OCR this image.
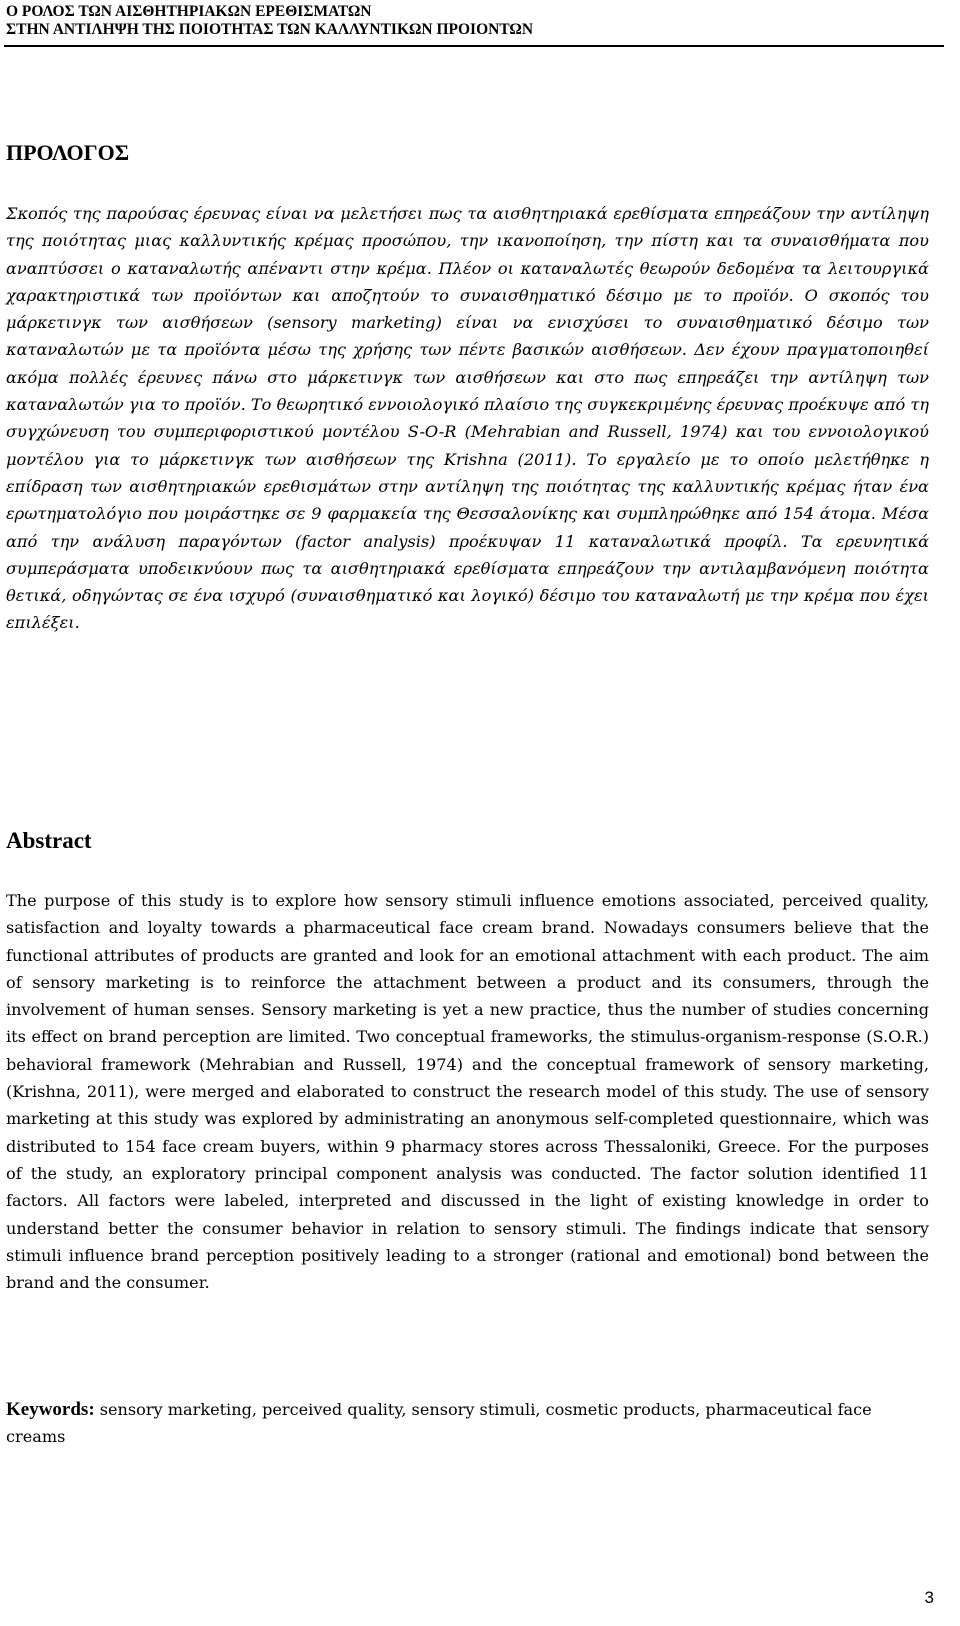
Ο ΡΟΛΟΣ ΤΩΝ ΑΙΣΘΗΤΗΡΙΑΚΩΝ ΕΡΕΘΙΣΜΑΤΩΝ
ΣΤΗΝ ΑΝΤΙΛΗΨΗ ΤΗΣ ΠΟΙΟΤΗΤΑΣ ΤΩΝ ΚΑΛΛΥΝΤΙΚΩΝ ΠΡΟΙΟΝΤΩΝ
ΠΡΟΛΟΓΟΣ

Σκοπός της παρούσας έρευνας είναι να μελετήσει πως τα αισθητηριακά ερεθίσματα επηρεάζουν την αντίληψη της ποιότητας μιας καλλυντικής κρέμας προσώπου, την ικανοποίηση, την πίστη και τα συναισθήματα που αναπτύσσει ο καταναλωτής απέναντι στην κρέμα. Πλέον οι καταναλωτές θεωρούν δεδομένα τα λειτουργικά χαρακτηριστικά των προϊόντων και αποζητούν το συναισθηματικό δέσιμο με το προϊόν. Ο σκοπός του μάρκετινγκ των αισθήσεων (sensory marketing) είναι να ενισχύσει το συναισθηματικό δέσιμο των καταναλωτών με τα προϊόντα μέσω της χρήσης των πέντε βασικών αισθήσεων. Δεν έχουν πραγματοποιηθεί ακόμα πολλές έρευνες πάνω στο μάρκετινγκ των αισθήσεων και στο πως επηρεάζει την αντίληψη των καταναλωτών για το προϊόν. Το θεωρητικό εννοιολογικό πλαίσιο της συγκεκριμένης έρευνας προέκυψε από τη συγχώνευση του συμπεριφοριστικού μοντέλου S-O-R (Mehrabian and Russell, 1974) και του εννοιολογικού μοντέλου για το μάρκετινγκ των αισθήσεων της Krishna (2011). Το εργαλείο με το οποίο μελετήθηκε η επίδραση των αισθητηριακών ερεθισμάτων στην αντίληψη της ποιότητας της καλλυντικής κρέμας ήταν ένα ερωτηματολόγιο που μοιράστηκε σε 9 φαρμακεία της Θεσσαλονίκης και συμπληρώθηκε από 154 άτομα. Μέσα από την ανάλυση παραγόντων (factor analysis) προέκυψαν 11 καταναλωτικά προφίλ. Τα ερευνητικά συμπεράσματα υποδεικνύουν πως τα αισθητηριακά ερεθίσματα επηρεάζουν την αντιλαμβανόμενη ποιότητα θετικά, οδηγώντας σε ένα ισχυρό (συναισθηματικό και λογικό) δέσιμο του καταναλωτή με την κρέμα που έχει επιλέξει.

Abstract

The purpose of this study is to explore how sensory stimuli influence emotions associated, perceived quality, satisfaction and loyalty towards a pharmaceutical face cream brand. Nowadays consumers believe that the functional attributes of products are granted and look for an emotional attachment with each product. The aim of sensory marketing is to reinforce the attachment between a product and its consumers, through the involvement of human senses. Sensory marketing is yet a new practice, thus the number of studies concerning its effect on brand perception are limited. Two conceptual frameworks, the stimulus-organism-response (S.O.R.) behavioral framework (Mehrabian and Russell, 1974) and the conceptual framework of sensory marketing, (Krishna, 2011), were merged and elaborated to construct the research model of this study. The use of sensory marketing at this study was explored by administrating an anonymous self-completed questionnaire, which was distributed to 154 face cream buyers, within 9 pharmacy stores across Thessaloniki, Greece. For the purposes of the study, an exploratory principal component analysis was conducted. The factor solution identified 11 factors. All factors were labeled, interpreted and discussed in the light of existing knowledge in order to understand better the consumer behavior in relation to sensory stimuli. The findings indicate that sensory stimuli influence brand perception positively leading to a stronger (rational and emotional) bond between the brand and the consumer.

Keywords: sensory marketing, perceived quality, sensory stimuli, cosmetic products, pharmaceutical face creams

3
